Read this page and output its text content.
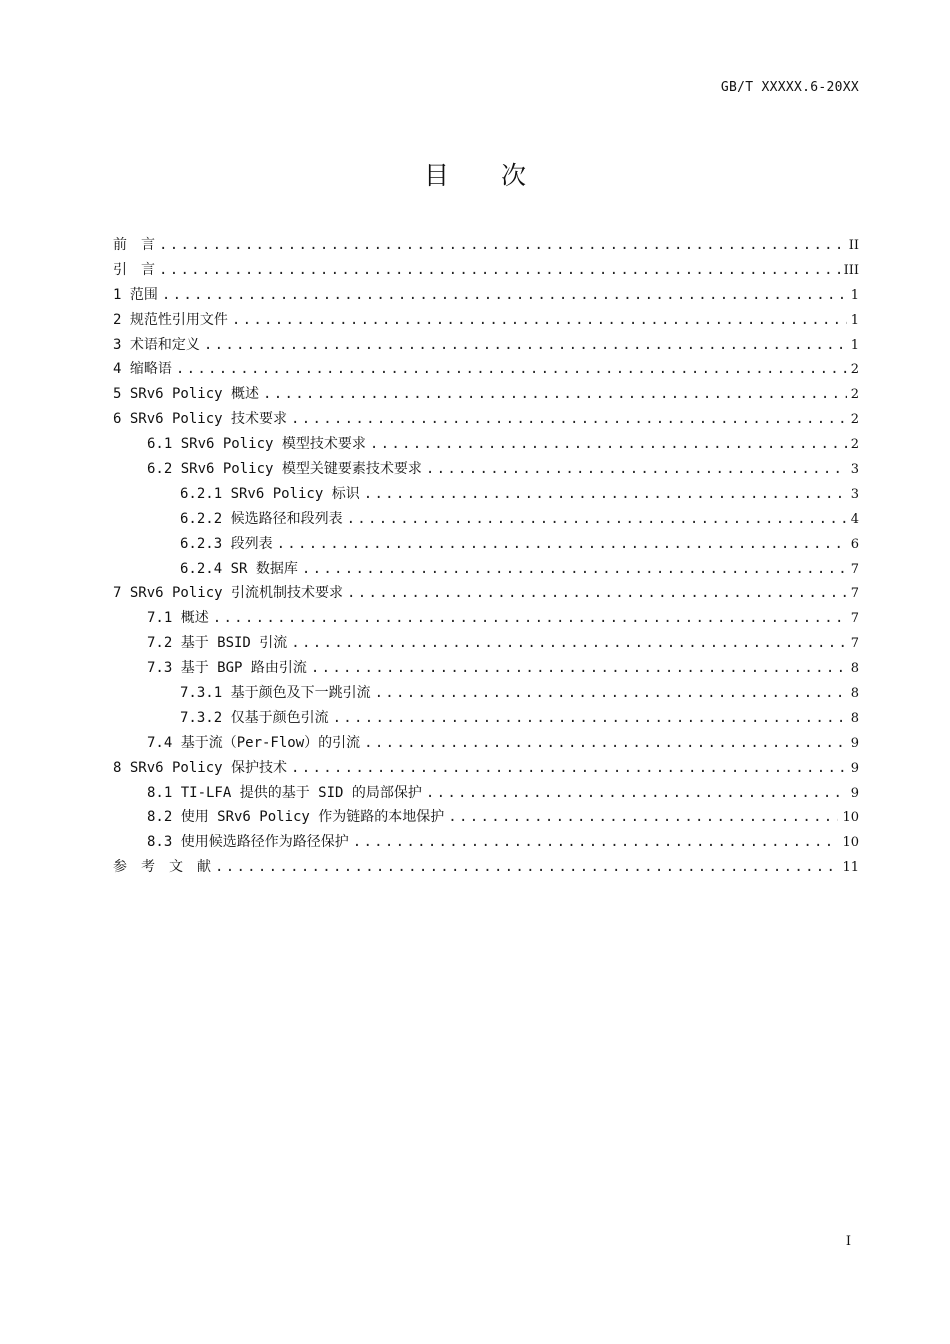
GB/T XXXXX.6-20XX
目 次
前　言 .....	II
引　言 .....	III
1 范围 .....	1
2 规范性引用文件 .....	1
3 术语和定义 .....	1
4 缩略语 .....	2
5 SRv6 Policy 概述 .....	2
6 SRv6 Policy 技术要求 .....	2
6.1 SRv6 Policy 模型技术要求 .....	2
6.2 SRv6 Policy 模型关键要素技术要求 .....	3
6.2.1 SRv6 Policy 标识 .....	3
6.2.2 候选路径和段列表 .....	4
6.2.3 段列表 .....	6
6.2.4 SR 数据库 .....	7
7 SRv6 Policy 引流机制技术要求 .....	7
7.1 概述 .....	7
7.2 基于 BSID 引流 .....	7
7.3 基于 BGP 路由引流 .....	8
7.3.1 基于颜色及下一跳引流 .....	8
7.3.2 仅基于颜色引流 .....	8
7.4 基于流（Per-Flow）的引流 .....	9
8 SRv6 Policy 保护技术 .....	9
8.1 TI-LFA 提供的基于 SID 的局部保护 .....	9
8.2 使用 SRv6 Policy 作为链路的本地保护 .....	10
8.3 使用候选路径作为路径保护 .....	10
参　考　文　献 .....	11
I
